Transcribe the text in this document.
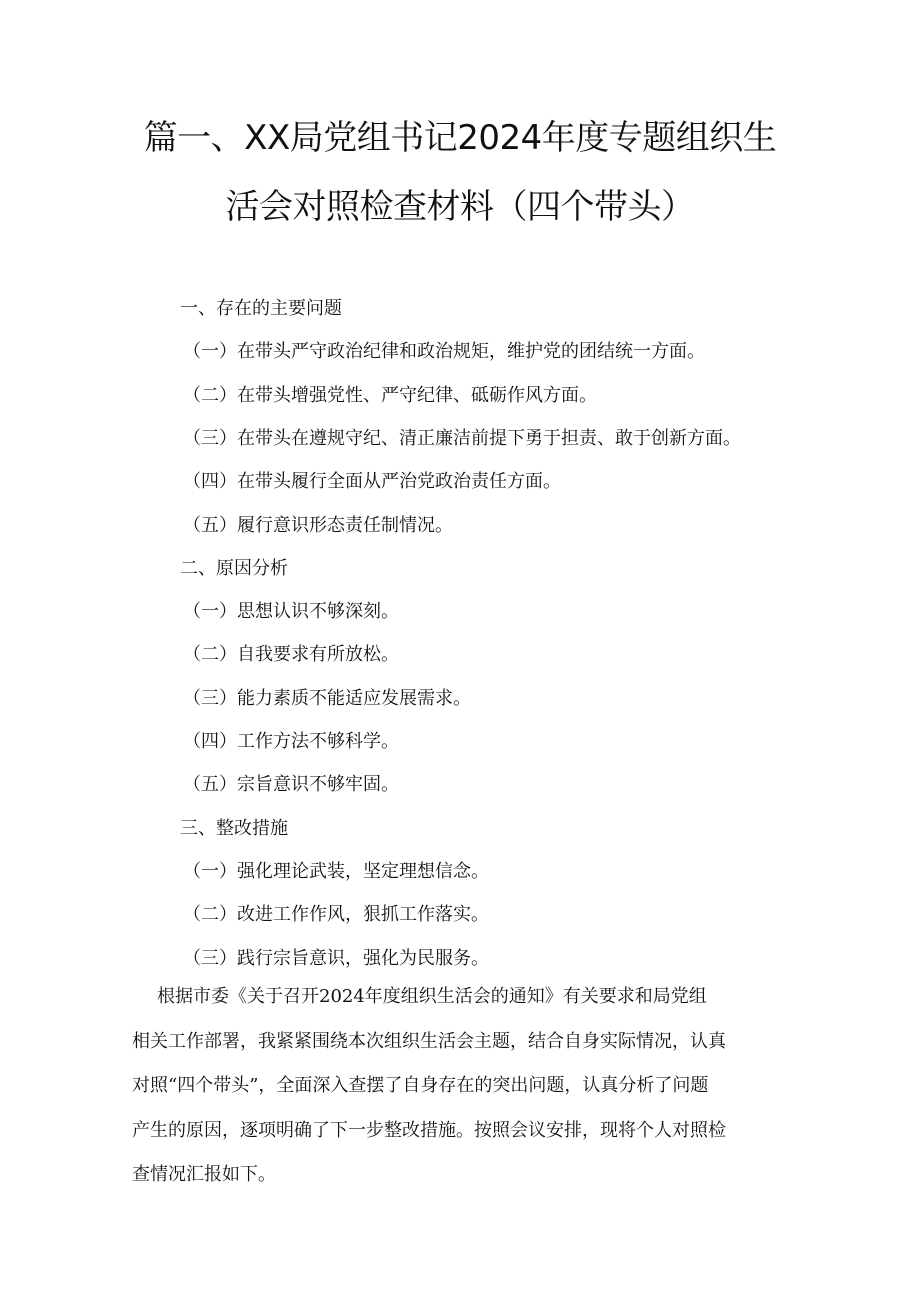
篇一、XX局党组书记2024年度专题组织生
活会对照检查材料（四个带头）
一、存在的主要问题
（一）在带头严守政治纪律和政治规矩，维护党的团结统一方面。
（二）在带头增强党性、严守纪律、砥砺作风方面。
（三）在带头在遵规守纪、清正廉洁前提下勇于担责、敢于创新方面。
（四）在带头履行全面从严治党政治责任方面。
（五）履行意识形态责任制情况。
二、原因分析
（一）思想认识不够深刻。
（二）自我要求有所放松。
（三）能力素质不能适应发展需求。
（四）工作方法不够科学。
（五）宗旨意识不够牢固。
三、整改措施
（一）强化理论武装，坚定理想信念。
（二）改进工作作风，狠抓工作落实。
（三）践行宗旨意识，强化为民服务。
　　根据市委《关于召开2024年度组织生活会的通知》有关要求和局党组
相关工作部署，我紧紧围绕本次组织生活会主题，结合自身实际情况，认真
对照“四个带头”，全面深入查摆了自身存在的突出问题，认真分析了问题
产生的原因，逐项明确了下一步整改措施。按照会议安排，现将个人对照检
查情况汇报如下。
